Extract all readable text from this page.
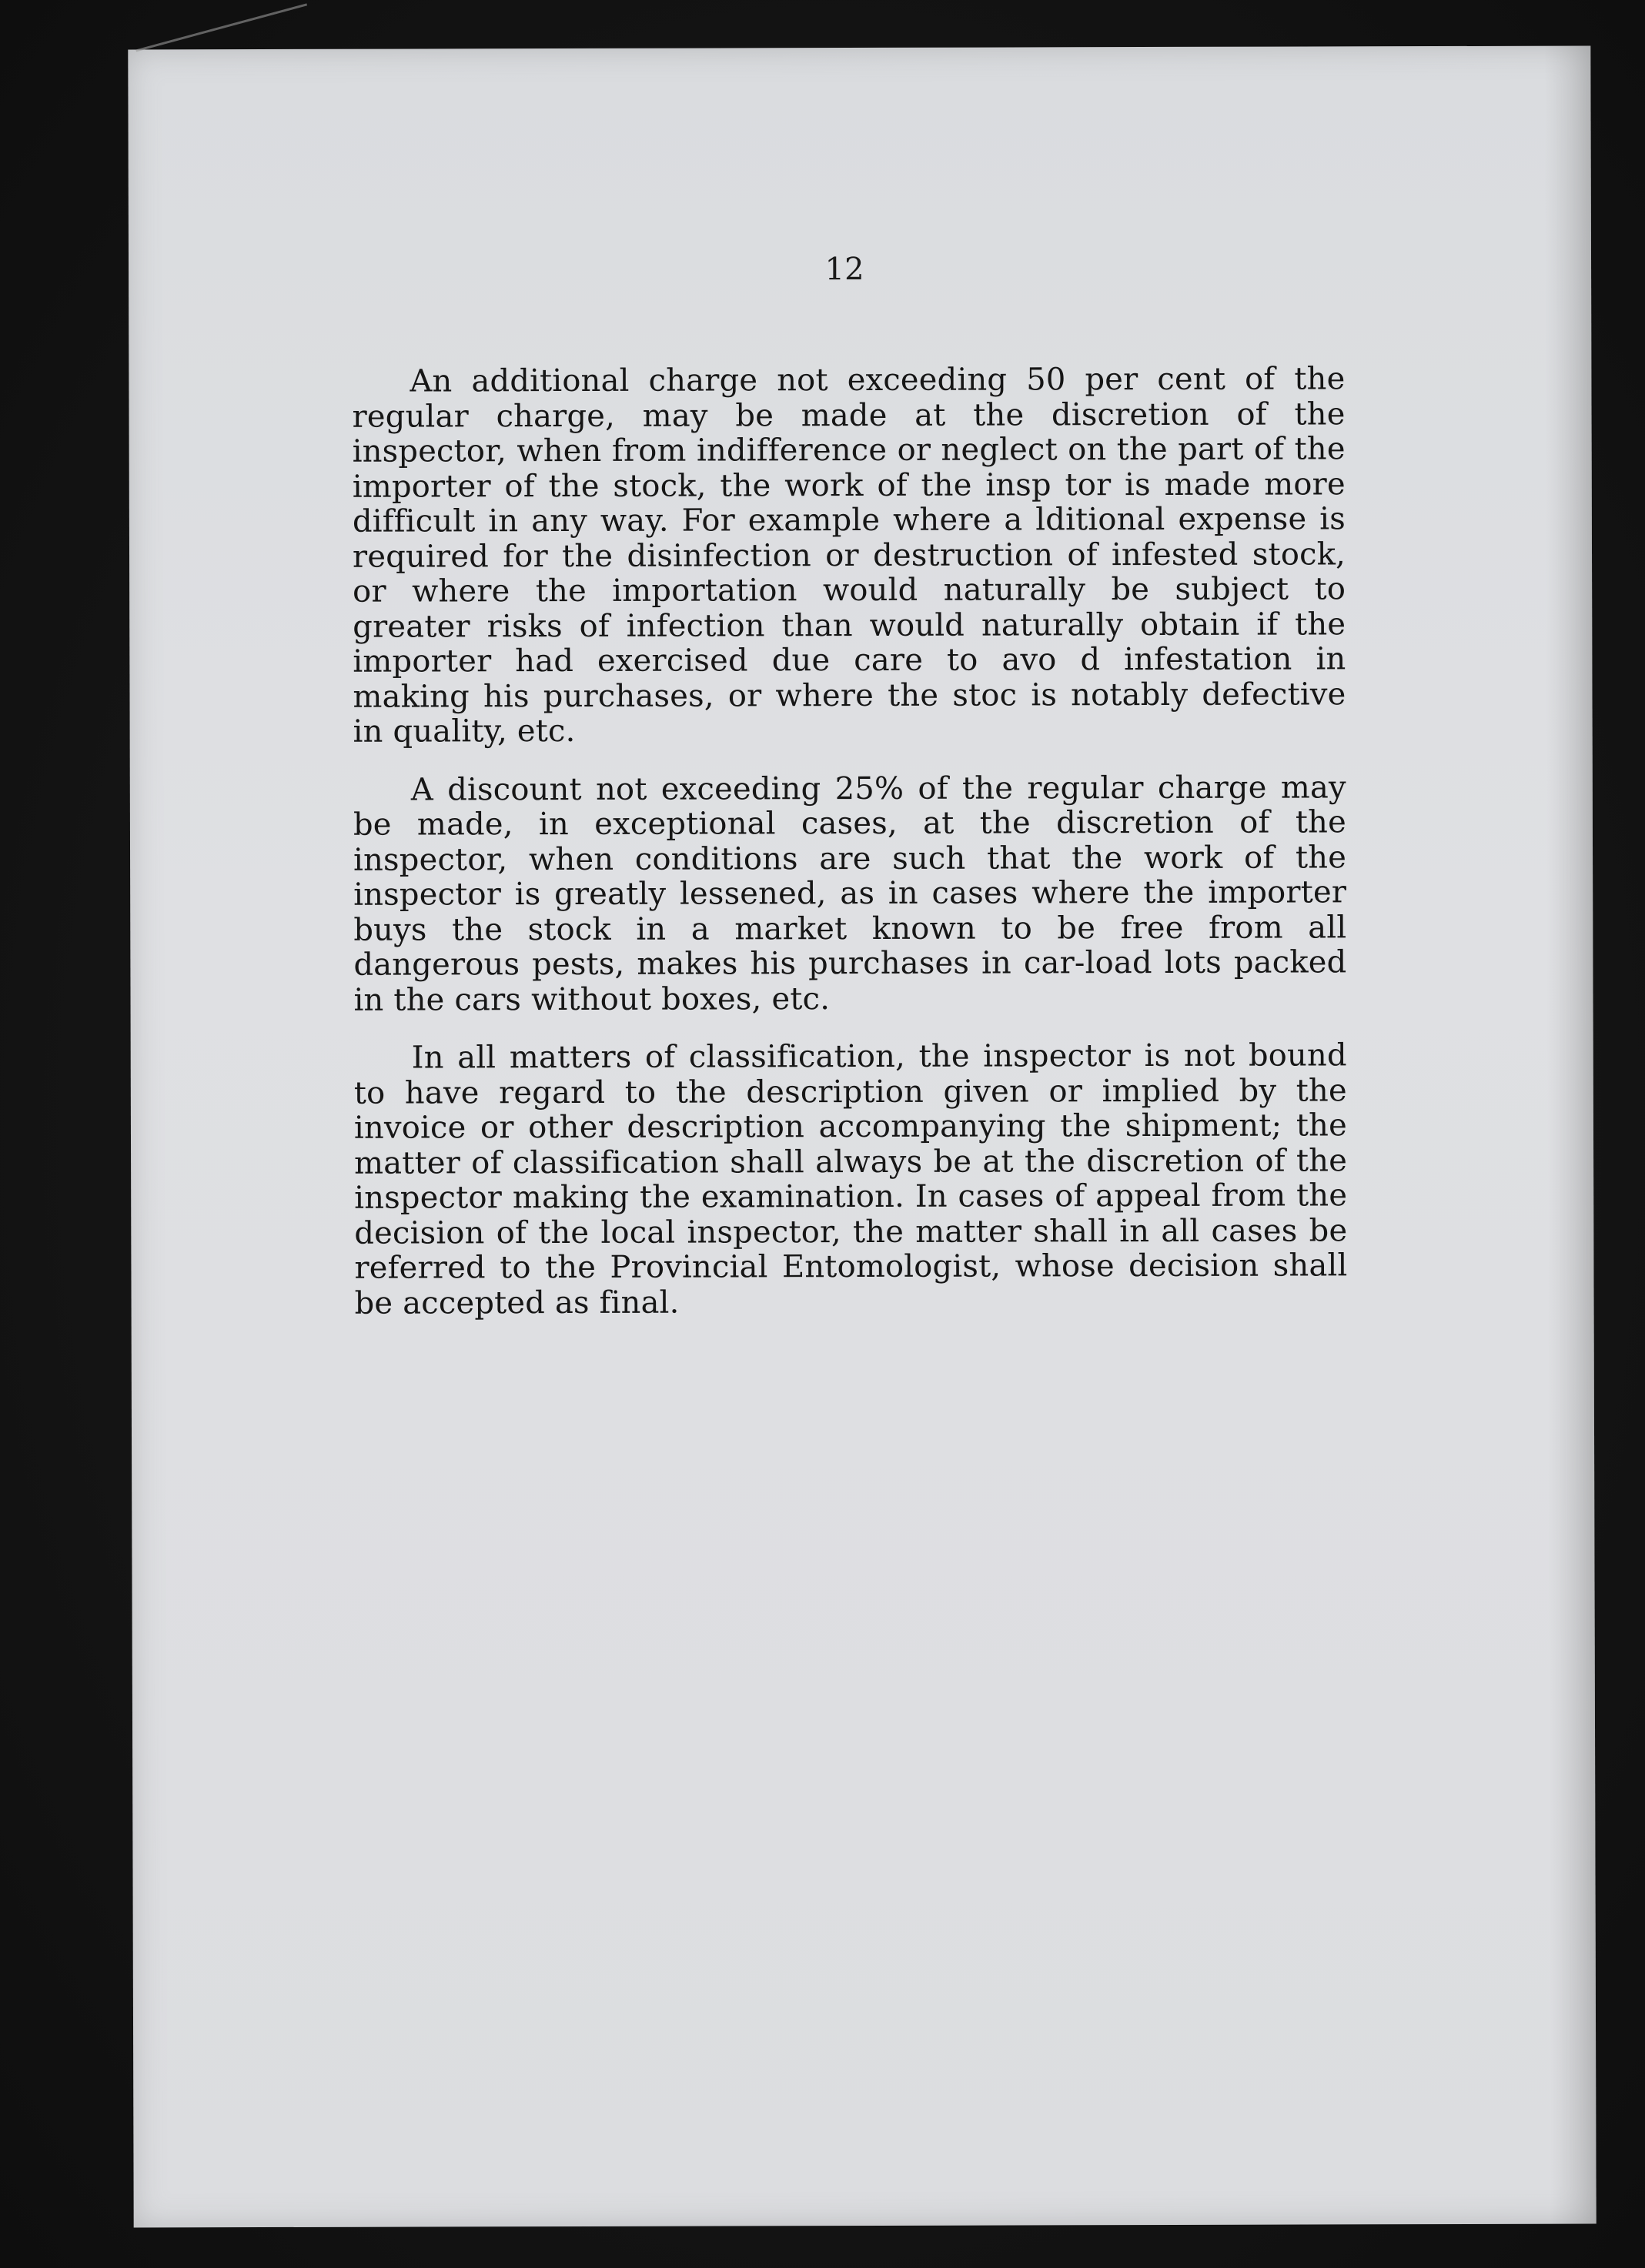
12

An additional charge not exceeding 50 per cent of the regular charge, may be made at the discretion of the inspector, when from indifference or neglect on the part of the importer of the stock, the work of the insp tor is made more difficult in any way. For example where a lditional expense is required for the disinfection or destruction of infested stock, or where the importation would naturally be subject to greater risks of infection than would naturally obtain if the importer had exercised due care to avo d infestation in making his purchases, or where the stoc is notably defective in quality, etc.

A discount not exceeding 25% of the regular charge may be made, in exceptional cases, at the discretion of the inspector, when conditions are such that the work of the inspector is greatly lessened, as in cases where the importer buys the stock in a market known to be free from all dangerous pests, makes his purchases in car-load lots packed in the cars without boxes, etc.

In all matters of classification, the inspector is not bound to have regard to the description given or implied by the invoice or other description accompanying the shipment; the matter of classification shall always be at the discretion of the inspector making the examination. In cases of appeal from the decision of the local inspector, the matter shall in all cases be referred to the Provincial Entomologist, whose decision shall be accepted as final.
